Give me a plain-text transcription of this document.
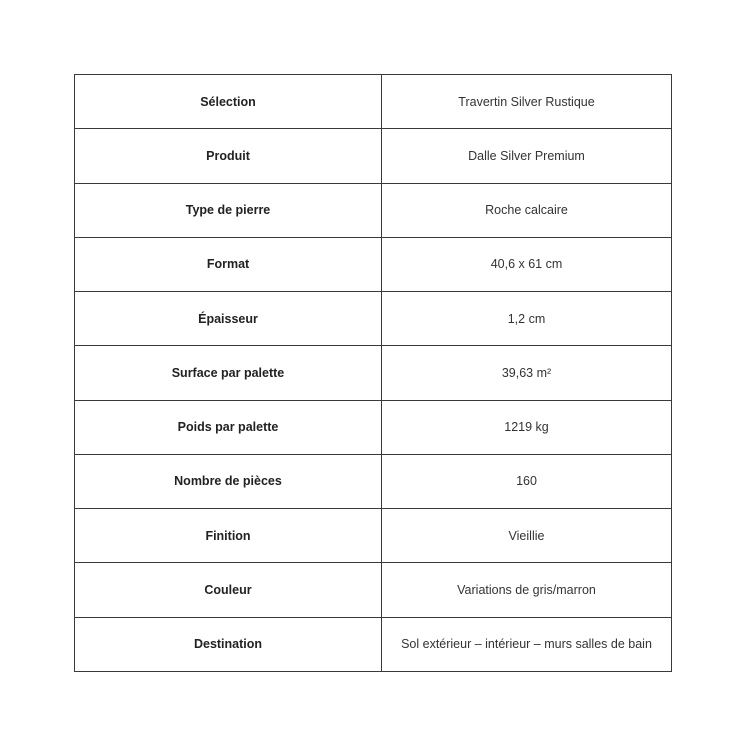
Sélection	Travertin Silver Rustique
Produit	Dalle Silver Premium
Type de pierre	Roche calcaire
Format	40,6 x 61 cm
Épaisseur	1,2 cm
Surface par palette	39,63 m²
Poids par palette	1219 kg
Nombre de pièces	160
Finition	Vieillie
Couleur	Variations de gris/marron
Destination	Sol extérieur – intérieur – murs salles de bain
